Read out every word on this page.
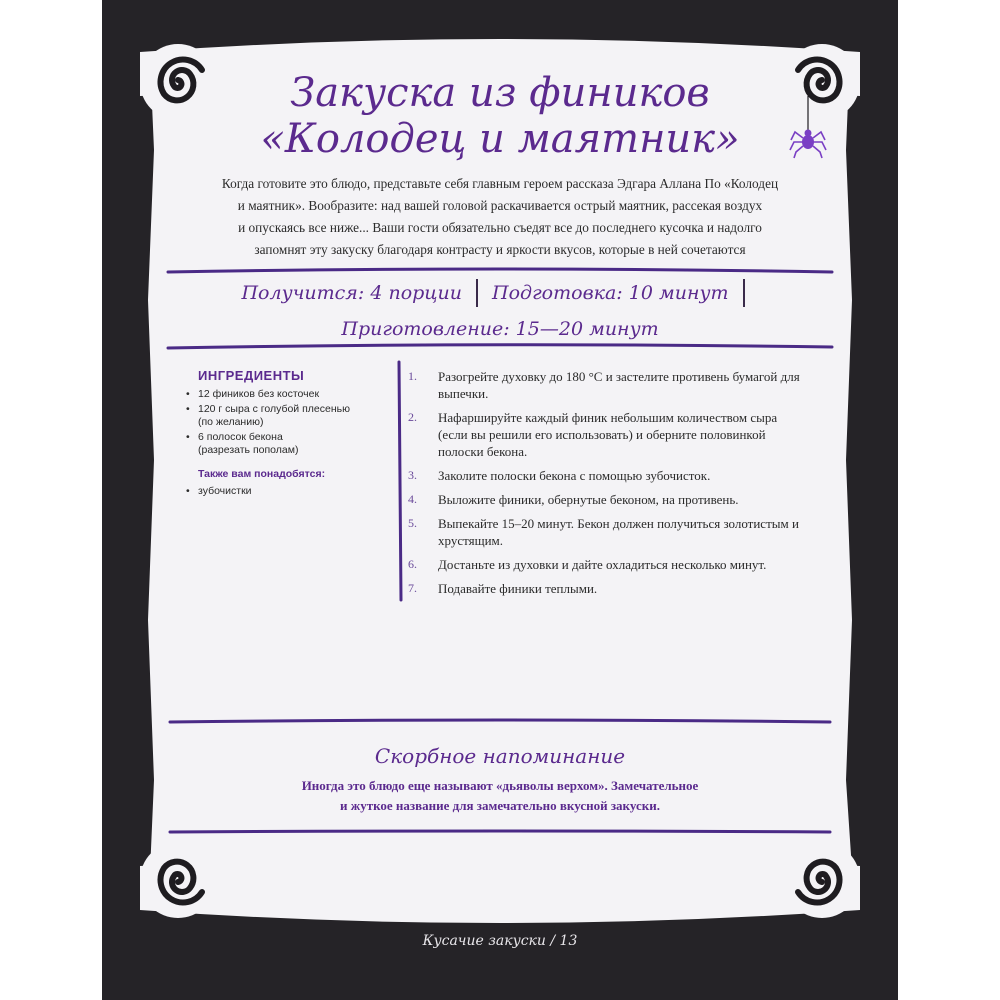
Закуска из фиников
«Колодец и маятник»
Когда готовите это блюдо, представьте себя главным героем рассказа Эдгара Аллана По «Колодец
и маятник». Вообразите: над вашей головой раскачивается острый маятник, рассекая воздух
и опускаясь все ниже... Ваши гости обязательно съедят все до последнего кусочка и надолго
запомнят эту закуску благодаря контрасту и яркости вкусов, которые в ней сочетаются
Получится: 4 порции Подготовка: 10 минут
Приготовление: 15—20 минут
ИНГРЕДИЕНТЫ
• 12 фиников без косточек
• 120 г сыра с голубой плесенью
(по желанию)
• 6 полосок бекона
(разрезать пополам)
Также вам понадобятся:
• зубочистки
1.	Разогрейте духовку до 180 °С и застелите противень бумагой для выпечки.
2.	Нафаршируйте каждый финик небольшим количеством сыра (если вы решили его использовать) и оберните половинкой полоски бекона.
3.	Заколите полоски бекона с помощью зубочисток.
4.	Выложите финики, обернутые беконом, на противень.
5.	Выпекайте 15–20 минут. Бекон должен получиться золотистым и хрустящим.
6.	Достаньте из духовки и дайте охладиться несколько минут.
7.	Подавайте финики теплыми.
Скорбное напоминание
Иногда это блюдо еще называют «дьяволы верхом». Замечательное
и жуткое название для замечательно вкусной закуски.
Кусачие закуски / 13
